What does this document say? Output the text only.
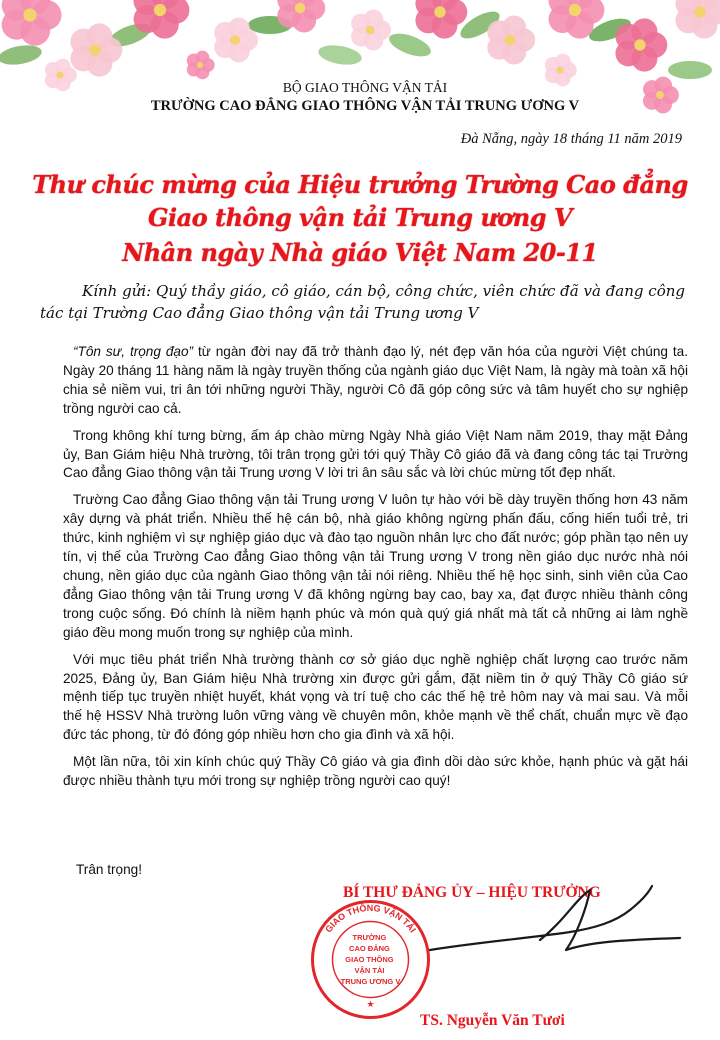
BỘ GIAO THÔNG VẬN TẢI
TRƯỜNG CAO ĐẲNG GIAO THÔNG VẬN TẢI TRUNG ƯƠNG V
Đà Nẵng, ngày 18 tháng 11 năm 2019
Thư chúc mừng của Hiệu trưởng Trường Cao đẳng
Giao thông vận tải Trung ương V
Nhân ngày Nhà giáo Việt Nam 20-11
Kính gửi: Quý thầy giáo, cô giáo, cán bộ, công chức, viên chức đã và đang công tác tại Trường Cao đẳng Giao thông vận tải Trung ương V

“Tôn sư, trọng đạo” từ ngàn đời nay đã trở thành đạo lý, nét đẹp văn hóa của người Việt chúng ta. Ngày 20 tháng 11 hàng năm là ngày truyền thống của ngành giáo dục Việt Nam, là ngày mà toàn xã hội chia sẻ niềm vui, tri ân tới những người Thầy, người Cô đã góp công sức và tâm huyết cho sự nghiệp trồng người cao cả.

Trong không khí tưng bừng, ấm áp chào mừng Ngày Nhà giáo Việt Nam năm 2019, thay mặt Đảng ủy, Ban Giám hiệu Nhà trường, tôi trân trọng gửi tới quý Thầy Cô giáo đã và đang công tác tại Trường Cao đẳng Giao thông vận tải Trung ương V lời tri ân sâu sắc và lời chúc mừng tốt đẹp nhất.

Trường Cao đẳng Giao thông vận tải Trung ương V luôn tự hào với bề dày truyền thống hơn 43 năm xây dựng và phát triển. Nhiều thế hệ cán bộ, nhà giáo không ngừng phấn đấu, cống hiến tuổi trẻ, tri thức, kinh nghiệm vì sự nghiệp giáo dục và đào tạo nguồn nhân lực cho đất nước; góp phần tạo nên uy tín, vị thế của Trường Cao đẳng Giao thông vận tải Trung ương V trong nền giáo dục nước nhà nói chung, nền giáo dục của ngành Giao thông vận tải nói riêng. Nhiều thế hệ học sinh, sinh viên của Cao đẳng Giao thông vận tải Trung ương V đã không ngừng bay cao, bay xa, đạt được nhiều thành công trong cuộc sống. Đó chính là niềm hạnh phúc và món quà quý giá nhất mà tất cả những ai làm nghề giáo đều mong muốn trong sự nghiệp của mình.

Với mục tiêu phát triển Nhà trường thành cơ sở giáo dục nghề nghiệp chất lượng cao trước năm 2025, Đảng ủy, Ban Giám hiệu Nhà trường xin được gửi gắm, đặt niềm tin ở quý Thầy Cô giáo sứ mệnh tiếp tục truyền nhiệt huyết, khát vọng và trí tuệ cho các thế hệ trẻ hôm nay và mai sau. Và mỗi thế hệ HSSV Nhà trường luôn vững vàng về chuyên môn, khỏe mạnh về thể chất, chuẩn mực về đạo đức tác phong, từ đó đóng góp nhiều hơn cho gia đình và xã hội.

Một lần nữa, tôi xin kính chúc quý Thầy Cô giáo và gia đình dồi dào sức khỏe, hạnh phúc và gặt hái được nhiều thành tựu mới trong sự nghiệp trồng người cao quý!

Trân trọng!
BÍ THƯ ĐẢNG ỦY – HIỆU TRƯỞNG
GIAO THÔNG VẬN TẢI
TRƯỜNG CAO ĐẲNG GIAO THÔNG VẬN TẢI TRUNG ƯƠNG V
★
TS. Nguyễn Văn Tươi
